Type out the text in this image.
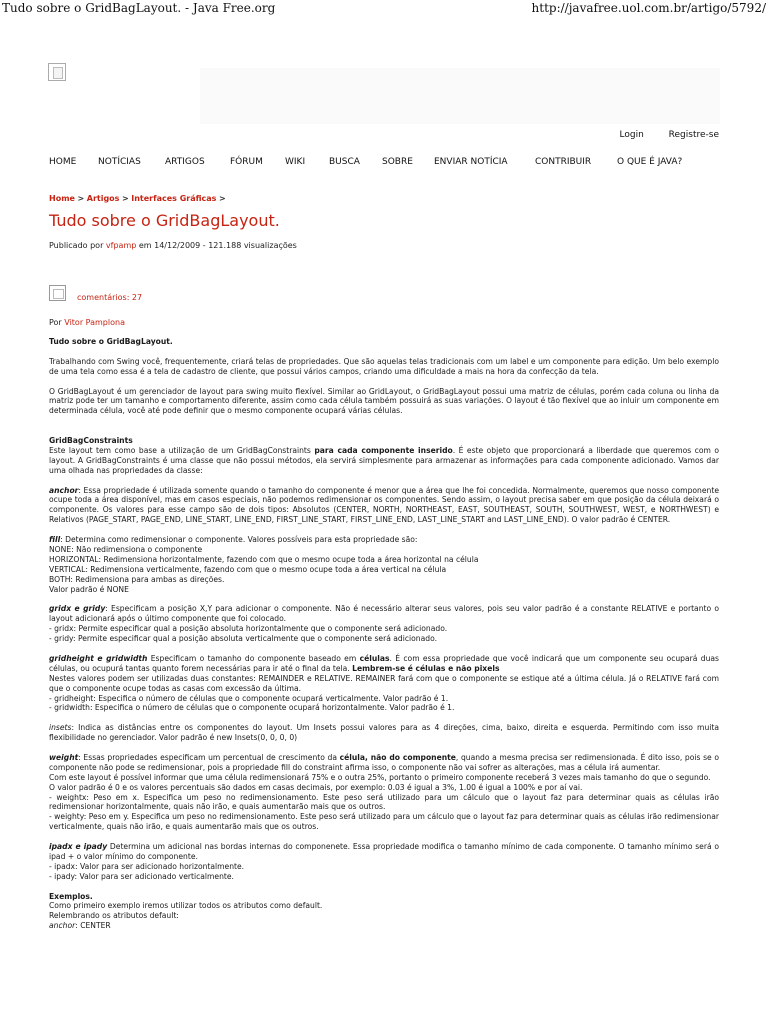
Tudo sobre o GridBagLayout. - Java Free.org	http://javafree.uol.com.br/artigo/5792/
Login	Registre-se
HOME NOTÍCIAS	ARTIGOS	FÓRUM WIKI	BUSCA SOBRE ENVIAR NOTÍCIA	CONTRIBUIR	O QUE É JAVA?
Home > Artigos > Interfaces Gráficas >
Tudo sobre o GridBagLayout.
Publicado por vfpamp em 14/12/2009 - 121.188 visualizações
comentários: 27
Por Vitor Pamplona

Tudo sobre o GridBagLayout.

Trabalhando com Swing você, frequentemente, criará telas de propriedades. Que são aquelas telas tradicionais com um label e um componente para edição. Um belo exemplo de uma tela como essa é a tela de cadastro de cliente, que possui vários campos, criando uma dificuldade a mais na hora da confecção da tela.

O GridBagLayout é um gerenciador de layout para swing muito flexível. Similar ao GridLayout, o GridBagLayout possui uma matriz de células, porém cada coluna ou linha da matriz pode ter um tamanho e comportamento diferente, assim como cada célula também possuirá as suas variações. O layout é tão flexível que ao inluir um componente em determinada célula, você até pode definir que o mesmo componente ocupará várias células.

GridBagConstraints

Este layout tem como base a utilização de um GridBagConstraints para cada componente inserido. É este objeto que proporcionará a liberdade que queremos com o layout. A GridBagConstraints é uma classe que não possui métodos, ela servirá simplesmente para armazenar as informações para cada componente adicionado. Vamos dar uma olhada nas propriedades da classe:

anchor: Essa propriedade é utilizada somente quando o tamanho do componente é menor que a área que lhe foi concedida. Normalmente, queremos que nosso componente ocupe toda a área disponível, mas em casos especiais, não podemos redimensionar os componentes. Sendo assim, o layout precisa saber em que posição da célula deixará o componente. Os valores para esse campo são de dois tipos: Absolutos (CENTER, NORTH, NORTHEAST, EAST, SOUTHEAST, SOUTH, SOUTHWEST, WEST, e NORTHWEST) e Relativos (PAGE_START, PAGE_END, LINE_START, LINE_END, FIRST_LINE_START, FIRST_LINE_END, LAST_LINE_START and LAST_LINE_END). O valor padrão é CENTER.

fill: Determina como redimensionar o componente. Valores possíveis para esta propriedade são:

NONE: Não redimensiona o componente

HORIZONTAL: Redimensiona horizontalmente, fazendo com que o mesmo ocupe toda a área horizontal na célula

VERTICAL: Redimensiona verticalmente, fazendo com que o mesmo ocupe toda a área vertical na célula

BOTH: Redimensiona para ambas as direções.

Valor padrão é NONE

gridx e gridy: Especificam a posição X,Y para adicionar o componente. Não é necessário alterar seus valores, pois seu valor padrão é a constante RELATIVE e portanto o layout adicionará após o último componente que foi colocado.

- gridx: Permite especificar qual a posição absoluta horizontalmente que o componente será adicionado.

- gridy: Permite especificar qual a posição absoluta verticalmente que o componente será adicionado.

gridheight e gridwidth Especificam o tamanho do componente baseado em células. É com essa propriedade que você indicará que um componente seu ocupará duas células, ou ocupurá tantas quanto forem necessárias para ir até o final da tela. Lembrem-se é células e não pixels

Nestes valores podem ser utilizadas duas constantes: REMAINDER e RELATIVE. REMAINER fará com que o componente se estique até a última célula. Já o RELATIVE fará com que o componente ocupe todas as casas com excessão da última.

- gridheight: Especifica o número de células que o componente ocupará verticalmente. Valor padrão é 1.

- gridwidth: Especifica o número de células que o componente ocupará horizontalmente. Valor padrão é 1.

insets: Indica as distâncias entre os componentes do layout. Um Insets possui valores para as 4 direções, cima, baixo, direita e esquerda. Permitindo com isso muita flexibilidade no gerenciador. Valor padrão é new Insets(0, 0, 0, 0)

weight: Essas propriedades especificam um percentual de crescimento da célula, não do componente, quando a mesma precisa ser redimensionada. É dito isso, pois se o componente não pode se redimensionar, pois a propriedade fill do constraint afirma isso, o componente não vai sofrer as alterações, mas a célula irá aumentar.

Com este layout é possível informar que uma célula redimensionará 75% e o outra 25%, portanto o primeiro componente receberá 3 vezes mais tamanho do que o segundo.

O valor padrão é 0 e os valores percentuais são dados em casas decimais, por exemplo: 0.03 é igual a 3%, 1.00 é igual a 100% e por aí vai.

- weightx: Peso em x. Especifica um peso no redimensionamento. Este peso será utilizado para um cálculo que o layout faz para determinar quais as células irão redimensionar horizontalmente, quais não irão, e quais aumentarão mais que os outros.

- weighty: Peso em y. Especifica um peso no redimensionamento. Este peso será utilizado para um cálculo que o layout faz para determinar quais as células irão redimensionar verticalmente, quais não irão, e quais aumentarão mais que os outros.

ipadx e ipady Determina um adicional nas bordas internas do componenete. Essa propriedade modifica o tamanho mínimo de cada componente. O tamanho mínimo será o ipad + o valor mínimo do componente.

- ipadx: Valor para ser adicionado horizontalmente.

- ipady: Valor para ser adicionado verticalmente.

Exemplos.

Como primeiro exemplo iremos utilizar todos os atributos como default.

Relembrando os atributos default:

anchor: CENTER
